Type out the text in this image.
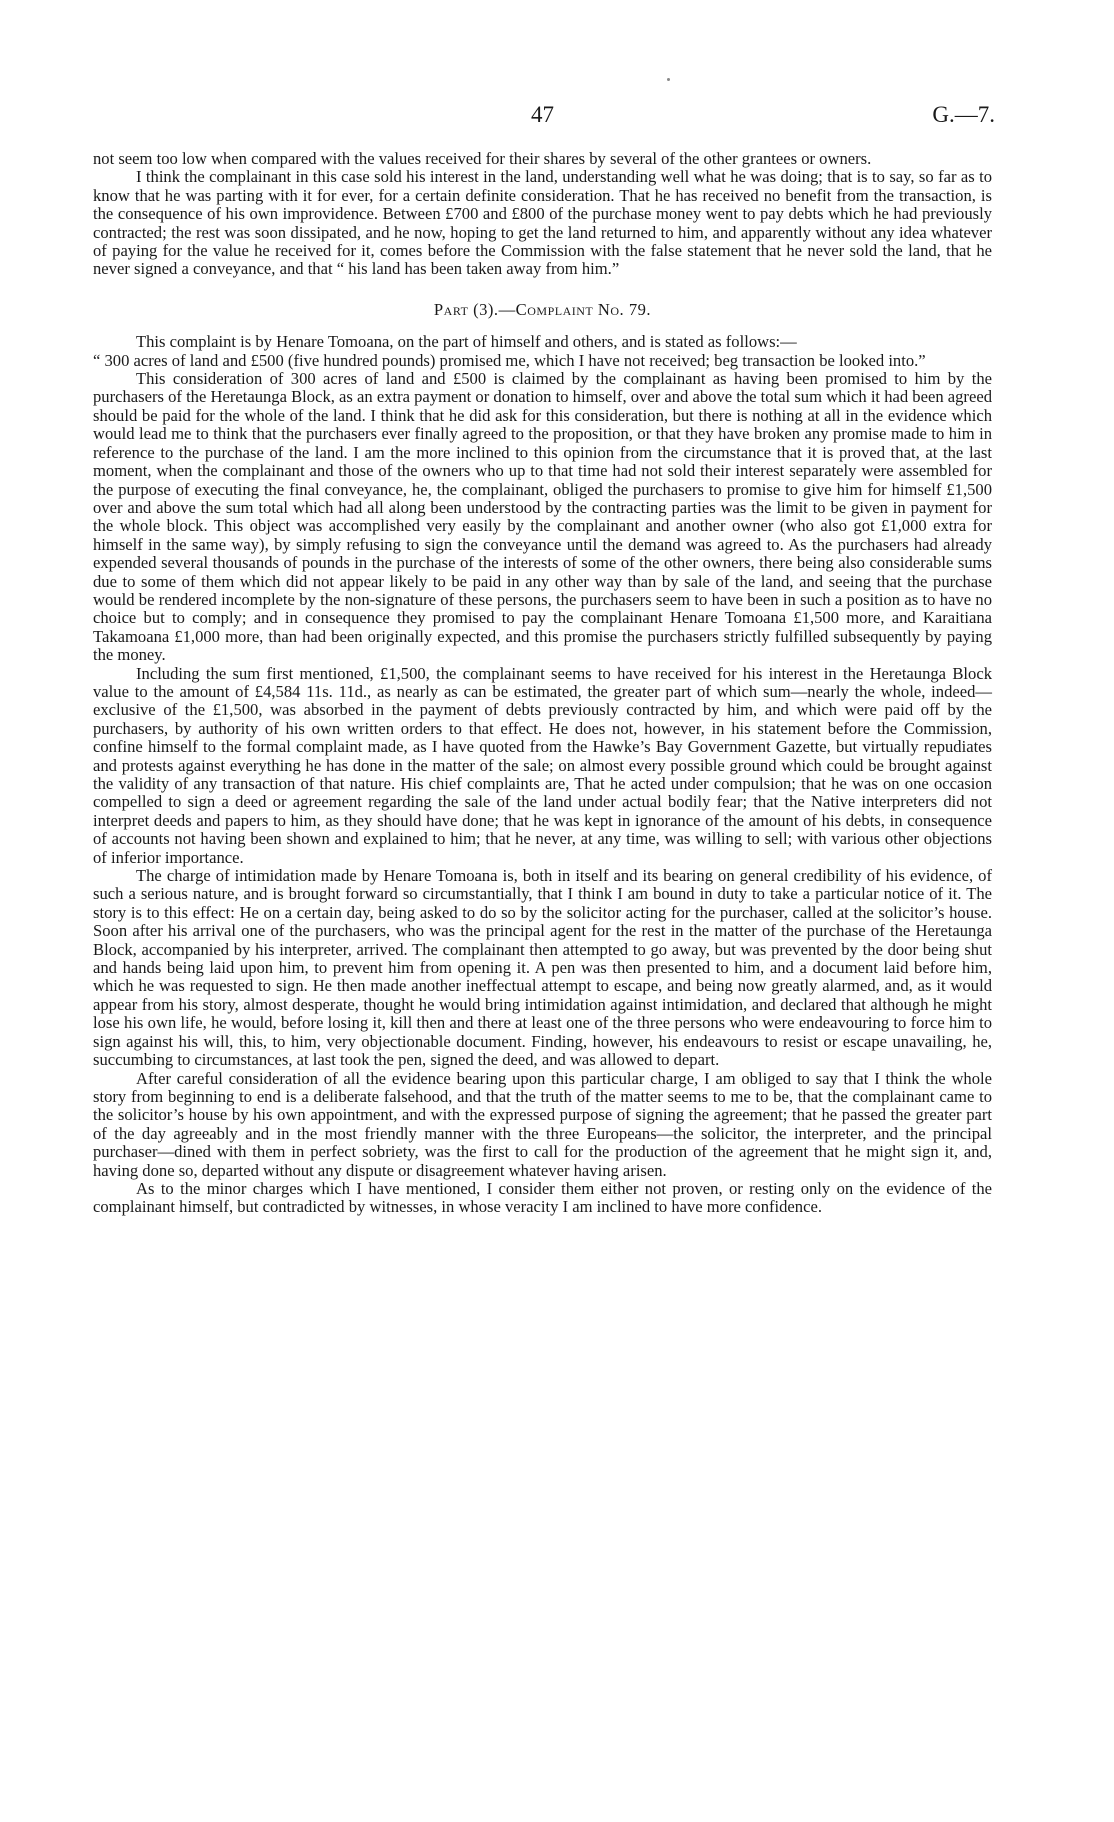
47	G.—7.

not seem too low when compared with the values received for their shares by several of the other grantees or owners.

I think the complainant in this case sold his interest in the land, understanding well what he was doing; that is to say, so far as to know that he was parting with it for ever, for a certain definite consideration. That he has received no benefit from the transaction, is the consequence of his own improvidence. Between £700 and £800 of the purchase money went to pay debts which he had previously contracted; the rest was soon dissipated, and he now, hoping to get the land returned to him, and apparently without any idea whatever of paying for the value he received for it, comes before the Commission with the false statement that he never sold the land, that he never signed a conveyance, and that “ his land has been taken away from him.”

Part (3).—Complaint No. 79.

This complaint is by Henare Tomoana, on the part of himself and others, and is stated as follows:—

“ 300 acres of land and £500 (five hundred pounds) promised me, which I have not received; beg transaction be looked into.”

This consideration of 300 acres of land and £500 is claimed by the complainant as having been promised to him by the purchasers of the Heretaunga Block, as an extra payment or donation to himself, over and above the total sum which it had been agreed should be paid for the whole of the land. I think that he did ask for this consideration, but there is nothing at all in the evidence which would lead me to think that the purchasers ever finally agreed to the proposition, or that they have broken any promise made to him in reference to the purchase of the land. I am the more inclined to this opinion from the circumstance that it is proved that, at the last moment, when the complainant and those of the owners who up to that time had not sold their interest separately were assembled for the purpose of executing the final conveyance, he, the complainant, obliged the purchasers to promise to give him for himself £1,500 over and above the sum total which had all along been understood by the contracting parties was the limit to be given in payment for the whole block. This object was accomplished very easily by the complainant and another owner (who also got £1,000 extra for himself in the same way), by simply refusing to sign the conveyance until the demand was agreed to. As the purchasers had already expended several thousands of pounds in the purchase of the interests of some of the other owners, there being also considerable sums due to some of them which did not appear likely to be paid in any other way than by sale of the land, and seeing that the purchase would be rendered incomplete by the non-signature of these persons, the purchasers seem to have been in such a position as to have no choice but to comply; and in consequence they promised to pay the complainant Henare Tomoana £1,500 more, and Karaitiana Takamoana £1,000 more, than had been originally expected, and this promise the purchasers strictly fulfilled subsequently by paying the money.

Including the sum first mentioned, £1,500, the complainant seems to have received for his interest in the Heretaunga Block value to the amount of £4,584 11s. 11d., as nearly as can be estimated, the greater part of which sum—nearly the whole, indeed—exclusive of the £1,500, was absorbed in the payment of debts previously contracted by him, and which were paid off by the purchasers, by authority of his own written orders to that effect. He does not, however, in his statement before the Commission, confine himself to the formal complaint made, as I have quoted from the Hawke’s Bay Government Gazette, but virtually repudiates and protests against everything he has done in the matter of the sale; on almost every possible ground which could be brought against the validity of any transaction of that nature. His chief complaints are, That he acted under compulsion; that he was on one occasion compelled to sign a deed or agreement regarding the sale of the land under actual bodily fear; that the Native interpreters did not interpret deeds and papers to him, as they should have done; that he was kept in ignorance of the amount of his debts, in consequence of accounts not having been shown and explained to him; that he never, at any time, was willing to sell; with various other objections of inferior importance.

The charge of intimidation made by Henare Tomoana is, both in itself and its bearing on general credibility of his evidence, of such a serious nature, and is brought forward so circumstantially, that I think I am bound in duty to take a particular notice of it. The story is to this effect: He on a certain day, being asked to do so by the solicitor acting for the purchaser, called at the solicitor’s house. Soon after his arrival one of the purchasers, who was the principal agent for the rest in the matter of the purchase of the Heretaunga Block, accompanied by his interpreter, arrived. The complainant then attempted to go away, but was prevented by the door being shut and hands being laid upon him, to prevent him from opening it. A pen was then presented to him, and a document laid before him, which he was requested to sign. He then made another ineffectual attempt to escape, and being now greatly alarmed, and, as it would appear from his story, almost desperate, thought he would bring intimidation against intimidation, and declared that although he might lose his own life, he would, before losing it, kill then and there at least one of the three persons who were endeavouring to force him to sign against his will, this, to him, very objectionable document. Finding, however, his endeavours to resist or escape unavailing, he, succumbing to circumstances, at last took the pen, signed the deed, and was allowed to depart.

After careful consideration of all the evidence bearing upon this particular charge, I am obliged to say that I think the whole story from beginning to end is a deliberate falsehood, and that the truth of the matter seems to me to be, that the complainant came to the solicitor’s house by his own appointment, and with the expressed purpose of signing the agreement; that he passed the greater part of the day agreeably and in the most friendly manner with the three Europeans—the solicitor, the interpreter, and the principal purchaser—dined with them in perfect sobriety, was the first to call for the production of the agreement that he might sign it, and, having done so, departed without any dispute or disagreement whatever having arisen.

As to the minor charges which I have mentioned, I consider them either not proven, or resting only on the evidence of the complainant himself, but contradicted by witnesses, in whose veracity I am inclined to have more confidence.
